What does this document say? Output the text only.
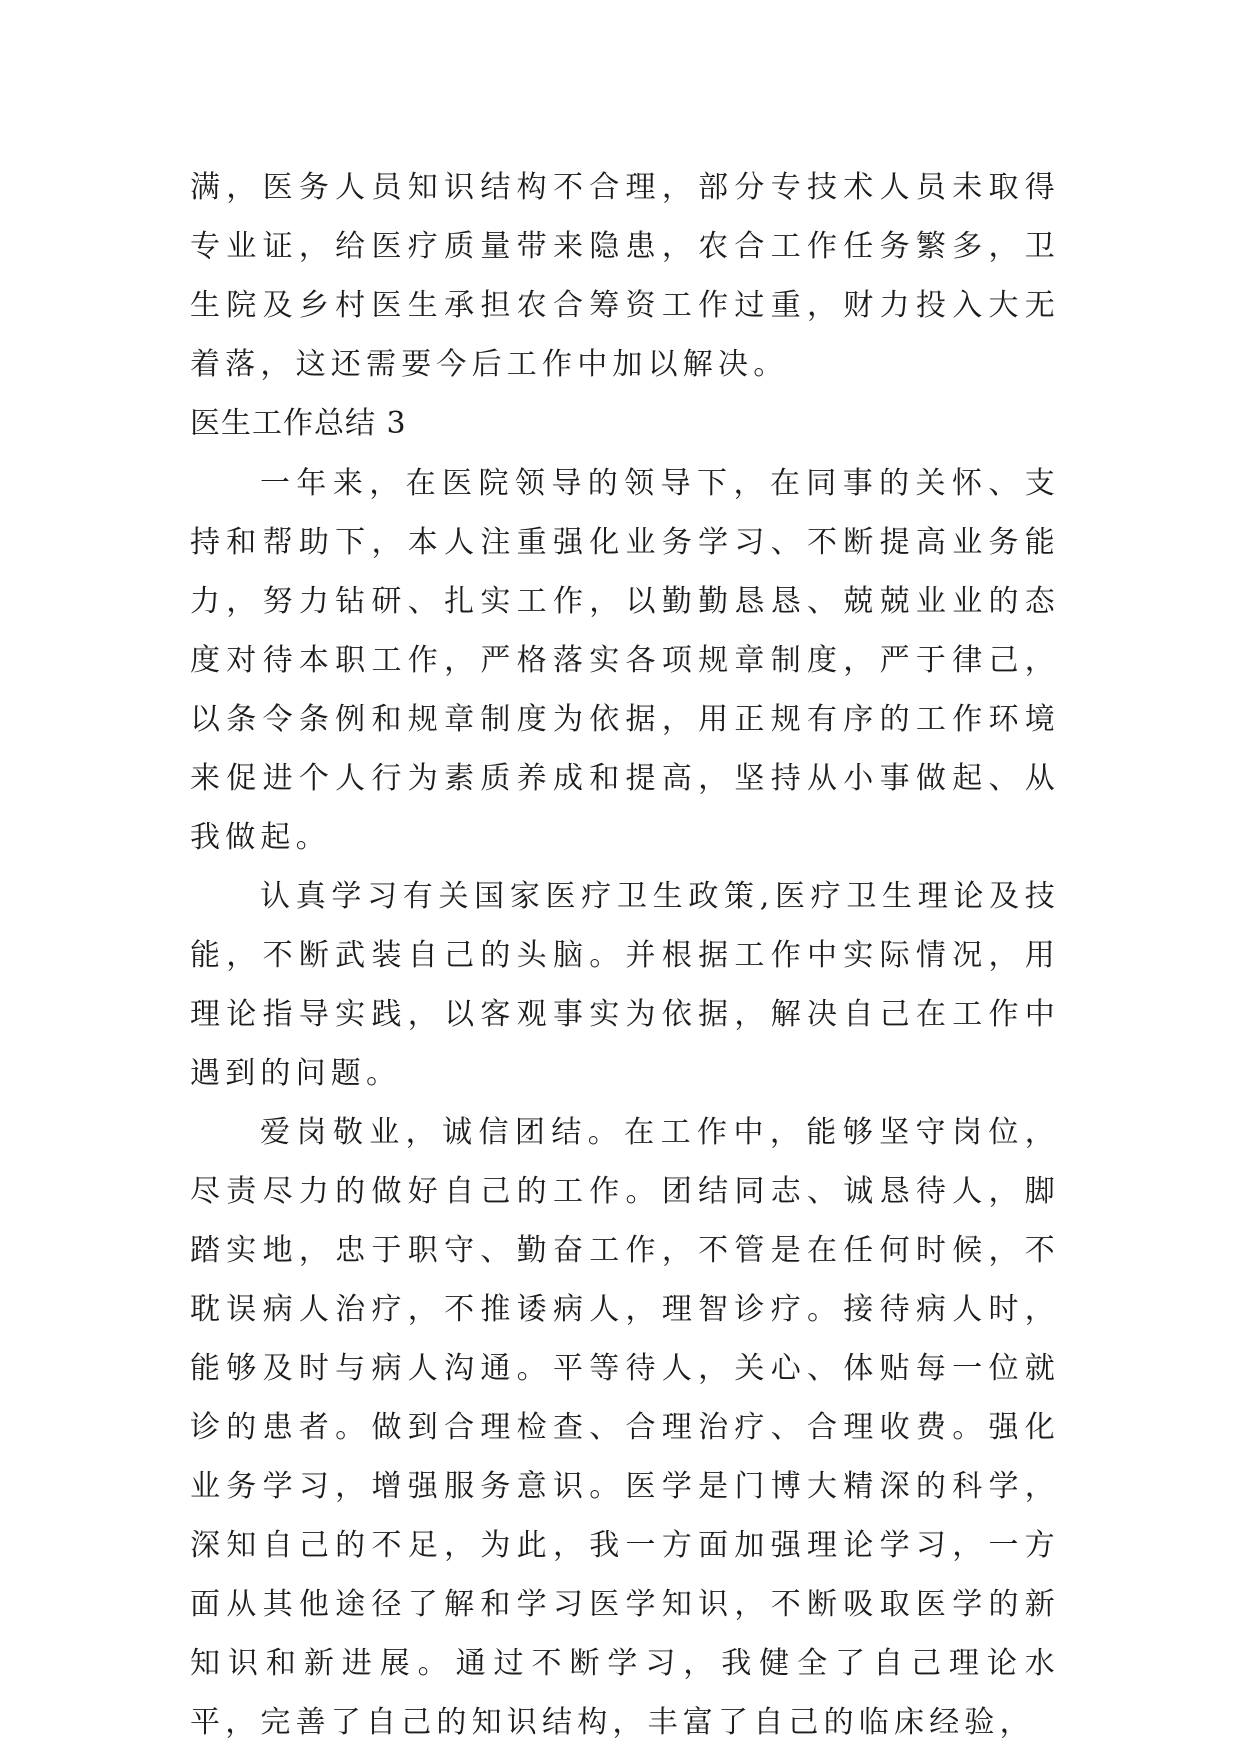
满，医务人员知识结构不合理，部分专技术人员未取得专业证，给医疗质量带来隐患，农合工作任务繁多，卫生院及乡村医生承担农合筹资工作过重，财力投入大无着落，这还需要今后工作中加以解决。

医生工作总结 3

一年来，在医院领导的领导下，在同事的关怀、支持和帮助下，本人注重强化业务学习、不断提高业务能力，努力钻研、扎实工作，以勤勤恳恳、兢兢业业的态度对待本职工作，严格落实各项规章制度，严于律己，以条令条例和规章制度为依据，用正规有序的工作环境来促进个人行为素质养成和提高，坚持从小事做起、从我做起。

认真学习有关国家医疗卫生政策,医疗卫生理论及技能，不断武装自己的头脑。并根据工作中实际情况，用理论指导实践，以客观事实为依据，解决自己在工作中遇到的问题。

爱岗敬业，诚信团结。在工作中，能够坚守岗位，尽责尽力的做好自己的工作。团结同志、诚恳待人，脚踏实地，忠于职守、勤奋工作，不管是在任何时候，不耽误病人治疗，不推诿病人，理智诊疗。接待病人时，能够及时与病人沟通。平等待人，关心、体贴每一位就诊的患者。做到合理检查、合理治疗、合理收费。强化业务学习，增强服务意识。医学是门博大精深的科学，深知自己的不足，为此，我一方面加强理论学习，一方面从其他途径了解和学习医学知识，不断吸取医学的新知识和新进展。通过不断学习，我健全了自己理论水平，完善了自己的知识结构，丰富了自己的临床经验，
